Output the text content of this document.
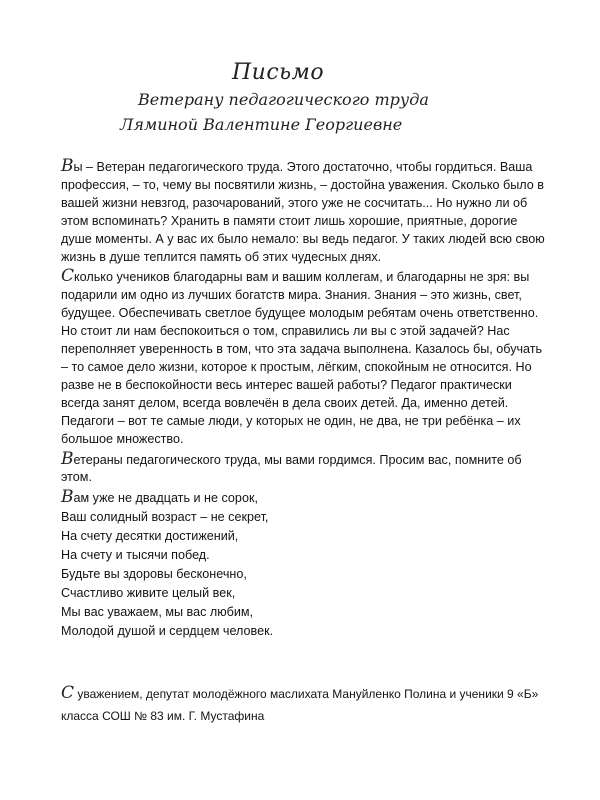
Письмо
Ветерану педагогического труда
Ляминой Валентине Георгиевне

Вы – Ветеран педагогического труда. Этого достаточно, чтобы гордиться. Ваша профессия, – то, чему вы посвятили жизнь, – достойна уважения. Сколько было в вашей жизни невзгод, разочарований, этого уже не сосчитать... Но нужно ли об этом вспоминать? Хранить в памяти стоит лишь хорошие, приятные, дорогие душе моменты. А у вас их было немало: вы ведь педагог. У таких людей всю свою жизнь в душе теплится память об этих чудесных днях.

Сколько учеников благодарны вам и вашим коллегам, и благодарны не зря: вы подарили им одно из лучших богатств мира. Знания. Знания – это жизнь, свет, будущее. Обеспечивать светлое будущее молодым ребятам очень ответственно. Но стоит ли нам беспокоиться о том, справились ли вы с этой задачей? Нас переполняет уверенность в том, что эта задача выполнена. Казалось бы, обучать – то самое дело жизни, которое к простым, лёгким, спокойным не относится. Но разве не в беспокойности весь интерес вашей работы? Педагог практически всегда занят делом, всегда вовлечён в дела своих детей. Да, именно детей. Педагоги – вот те самые люди, у которых не один, не два, не три ребёнка – их большое множество.

Ветераны педагогического труда, мы вами гордимся. Просим вас, помните об этом.

Вам уже не двадцать и не сорок,
Ваш солидный возраст – не секрет,
На счету десятки достижений,
На счету и тысячи побед.
Будьте вы здоровы бесконечно,
Счастливо живите целый век,
Мы вас уважаем, мы вас любим,
Молодой душой и сердцем человек.
С уважением, депутат молодёжного маслихата Мануйленко Полина и ученики 9 «Б» класса СОШ № 83 им. Г. Мустафина
